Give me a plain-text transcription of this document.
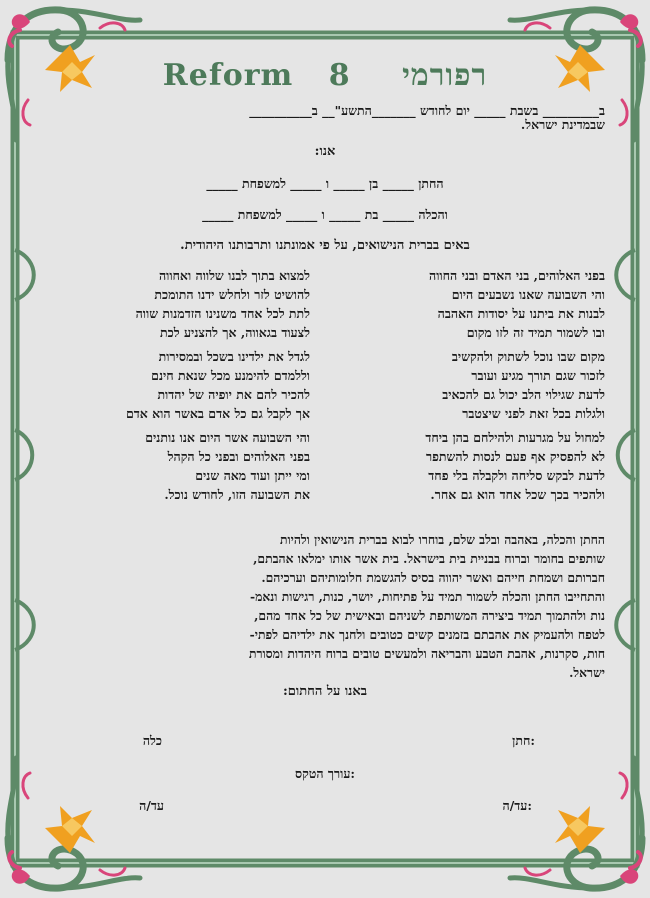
Reform 8 רפורמי
ב_________ בשבת _____ יום לחודש _______התשע"__ ב__________
שבמדינת ישראל.
אנו:
החתן _____ בן _____ ו _____ למשפחת _____
והכלה _____ בת _____ ו _____ למשפחת _____
באים בברית הנישואים, על פי אמונתנו ותרבותנו היהודית.
בפני האלוהים, בני האדם ובני החווה
והי השבועה שאנו נשבעים היום
לבנות את ביתנו על יסודות האהבה
ובו לשמור תמיד זה לזו מקום
מקום שבו נוכל לשתוק ולהקשיב
לזכור שגם תורך מגיע ועובר
לדעת שגילוי הלב יכול גם להכאיב
ולגלות בכל זאת לפני שיצטבר
למחול על מגרעות ולהילחם בהן ביחד
לא להפסיק אף פעם לנסות להשתפר
לדעת לבקש סליחה ולקבלה בלי פחד
ולהכיר בכך שכל אחד הוא גם אחר.
למצוא בתוך לבנו שלווה ואחווה
להושיט לזר ולחלש ידנו התומכת
לתת לכל אחד משנינו הזדמנות שווה
לצעוד בגאווה, אך להצניע לכת
לגדל את ילדינו בשכל ובמסירות
וללמדם להימנע מכל שנאת חינם
להכיר להם את יופיה של יהדות
אך לקבל גם כל אדם באשר הוא אדם
והי השבועה אשר היום אנו נותנים
בפני האלוהים ובפני כל הקהל
ומי ייתן ועוד מאה שנים
את השבועה הזו, לחודש נוכל.
החתן והכלה, באהבה ובלב שלם, בוחרו לבוא בברית הנישואין ולהיות
שותפים בחומר וברוח בבניית בית בישראל. בית אשר אותו ימלאו אהבתם,
חברותם ושמחת חייהם ואשר יהווה בסיס להגשמת חלומותיהם וערכיהם.
והתחייבו החתן והכלה לשמור תמיד על פתיחות, יושר, כנות, רגישות ונאמ-
נות ולהתמוך תמיד ביצירה המשותפת לשניהם ובאישית של כל אחד מהם,
לטפח ולהעמיק את אהבתם בזמנים קשים כטובים ולחנך את ילדיהם לפתי-
חות, סקרנות, אהבת הטבע והבריאה ולמעשים טובים ברוח היהדות ומסורת
ישראל.
באנו על החתום:
:חתן
כלה
:עורך הטקס
:עד/ה
עד/ה
